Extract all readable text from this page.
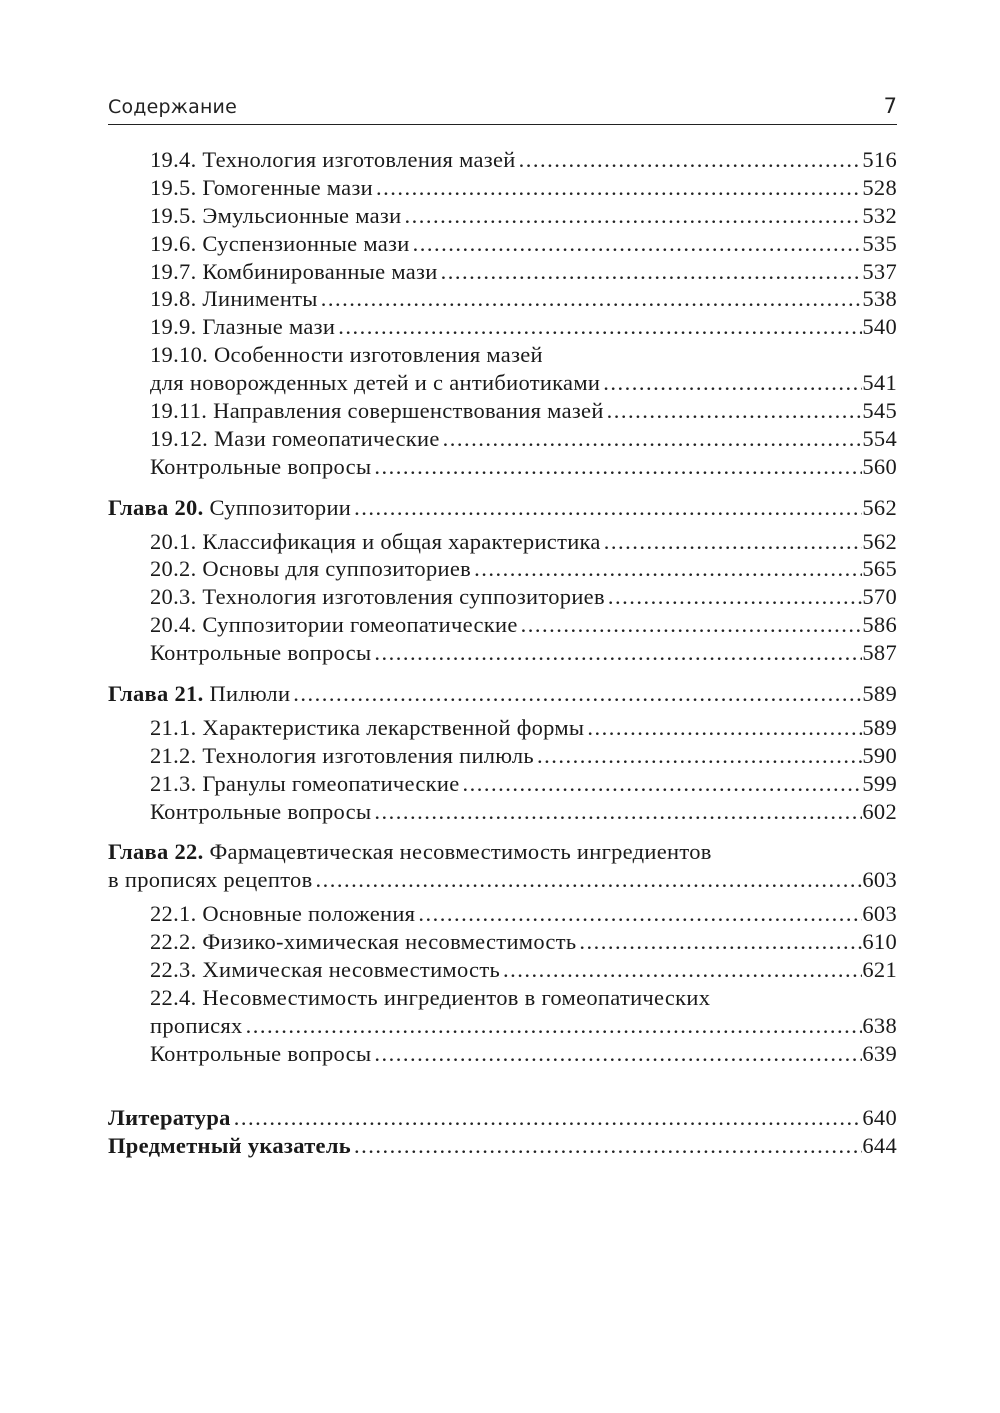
Содержание	7
19.4. Технология изготовления мазей .....	516
19.5. Гомогенные мази .....	528
19.5. Эмульсионные мази .....	532
19.6. Суспензионные мази .....	535
19.7. Комбинированные мази .....	537
19.8. Линименты .....	538
19.9. Глазные мази .....	540
19.10. Особенности изготовления мазей
для новорожденных детей и с антибиотиками .....	541
19.11. Направления совершенствования мазей .....	545
19.12. Мази гомеопатические .....	554
Контрольные вопросы .....	560
Глава 20. Суппозитории .....	562
20.1. Классификация и общая характеристика .....	562
20.2. Основы для суппозиториев .....	565
20.3. Технология изготовления суппозиториев .....	570
20.4. Суппозитории гомеопатические .....	586
Контрольные вопросы .....	587
Глава 21. Пилюли .....	589
21.1. Характеристика лекарственной формы .....	589
21.2. Технология изготовления пилюль .....	590
21.3. Гранулы гомеопатические .....	599
Контрольные вопросы .....	602
Глава 22. Фармацевтическая несовместимость ингредиентов
в прописях рецептов .....	603
22.1. Основные положения .....	603
22.2. Физико-химическая несовместимость .....	610
22.3. Химическая несовместимость .....	621
22.4. Несовместимость ингредиентов в гомеопатических
прописях .....	638
Контрольные вопросы .....	639
Литература .....	640
Предметный указатель .....	644
